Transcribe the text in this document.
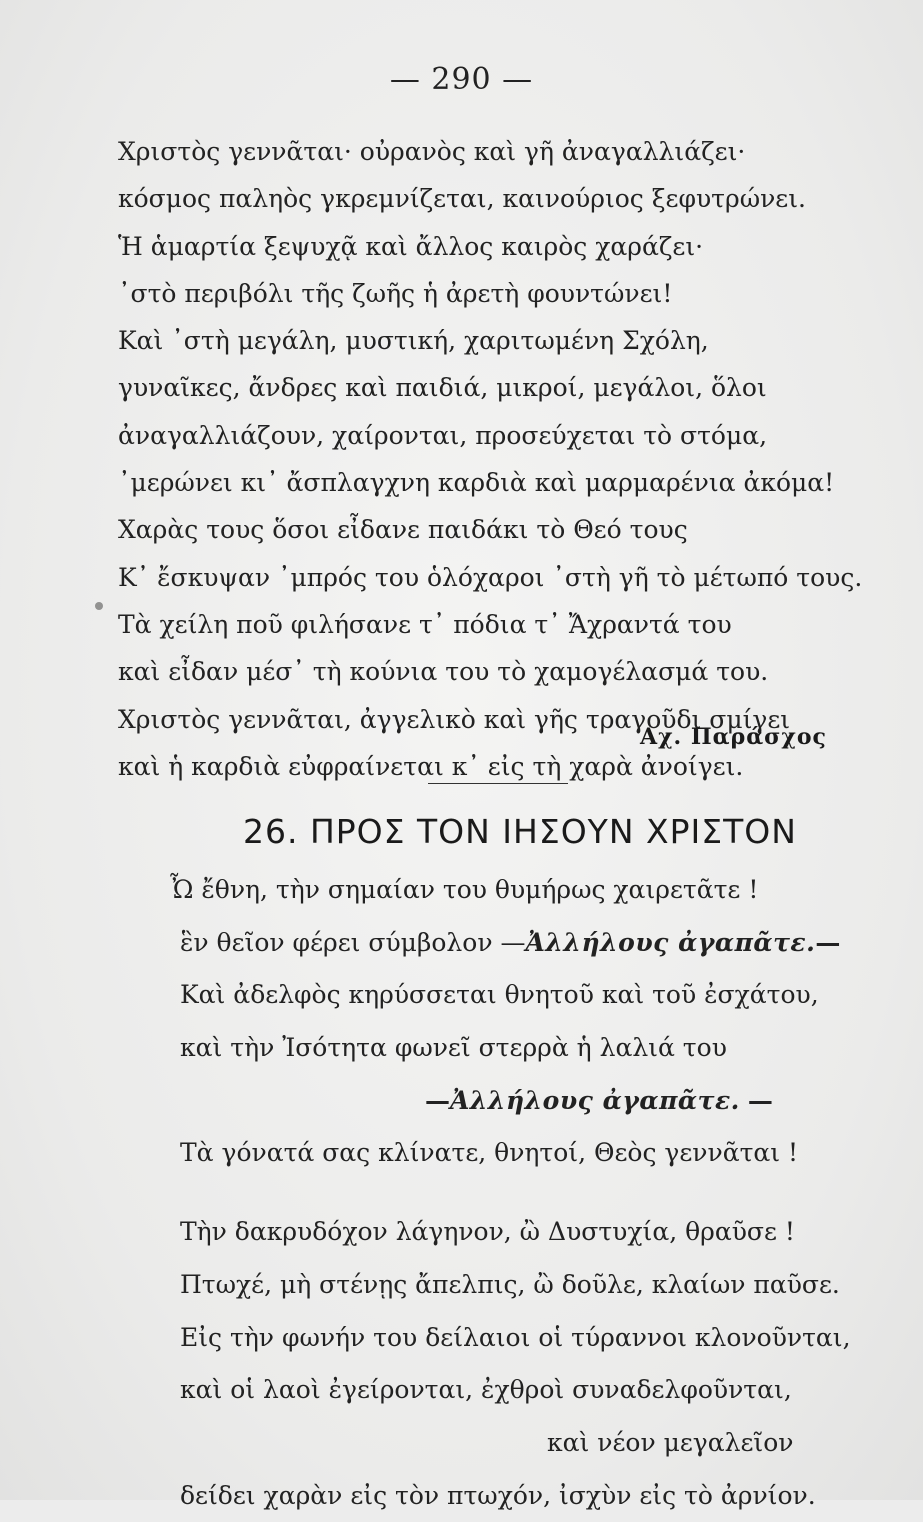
— 290 —
Χριστὸς γεννᾶται· οὐρανὸς καὶ γῆ ἀναγαλλιάζει·
κόσμος παληὸς γκρεμνίζεται, καινούριος ξεφυτρώνει.
Ἡ ἁμαρτία ξεψυχᾷ καὶ ἄλλος καιρὸς χαράζει·
᾽στὸ περιβόλι τῆς ζωῆς ἡ ἀρετὴ φουντώνει!
Καὶ ᾽στὴ μεγάλη, μυστική, χαριτωμένη Σχόλη,
γυναῖκες, ἄνδρες καὶ παιδιά, μικροί, μεγάλοι, ὅλοι
ἀναγαλλιάζουν, χαίρονται, προσεύχεται τὸ στόμα,
᾽μερώνει κι᾽ ἄσπλαγχνη καρδιὰ καὶ μαρμαρένια ἀκόμα!
Χαρὰς τους ὅσοι εἶδανε παιδάκι τὸ Θεό τους
Κ᾽ ἔσκυψαν ᾽μπρός του ὁλόχαροι ᾽στὴ γῆ τὸ μέτωπό τους.
Τὰ χείλη ποῦ φιλήσανε τ᾽ πόδια τ᾽ Ἄχραντά του
καὶ εἶδαν μέσ᾽ τὴ κούνια του τὸ χαμογέλασμά του.
Χριστὸς γεννᾶται, ἀγγελικὸ καὶ γῆς τραγοῦδι σμίγει
καὶ ἡ καρδιὰ εὐφραίνεται κ᾽ εἰς τὴ χαρὰ ἀνοίγει.
Αχ. Παράσχος
26. ΠΡΟΣ ΤΟΝ ΙΗΣΟΥΝ ΧΡΙΣΤΟΝ
Ὦ ἔθνη, τὴν σημαίαν του θυμήρως χαιρετᾶτε !
ἓν θεῖον φέρει σύμβολον —Ἀλλήλους ἀγαπᾶτε.—
Καὶ ἀδελφὸς κηρύσσεται θνητοῦ καὶ τοῦ ἐσχάτου,
καὶ τὴν Ἰσότητα φωνεῖ στερρὰ ἡ λαλιά του
—Ἀλλήλους ἀγαπᾶτε. —
Τὰ γόνατά σας κλίνατε, θνητοί, Θεὸς γεννᾶται !
Τὴν δακρυδόχον λάγηνον, ὢ Δυστυχία, θραῦσε !
Πτωχέ, μὴ στένῃς ἄπελπις, ὢ δοῦλε, κλαίων παῦσε.
Εἰς τὴν φωνήν του δείλαιοι οἱ τύραννοι κλονοῦνται,
καὶ οἱ λαοὶ ἐγείρονται, ἐχθροὶ συναδελφοῦνται,
καὶ νέον μεγαλεῖον
δείδει χαρὰν εἰς τὸν πτωχόν, ἰσχὺν εἰς τὸ ἀρνίον.
